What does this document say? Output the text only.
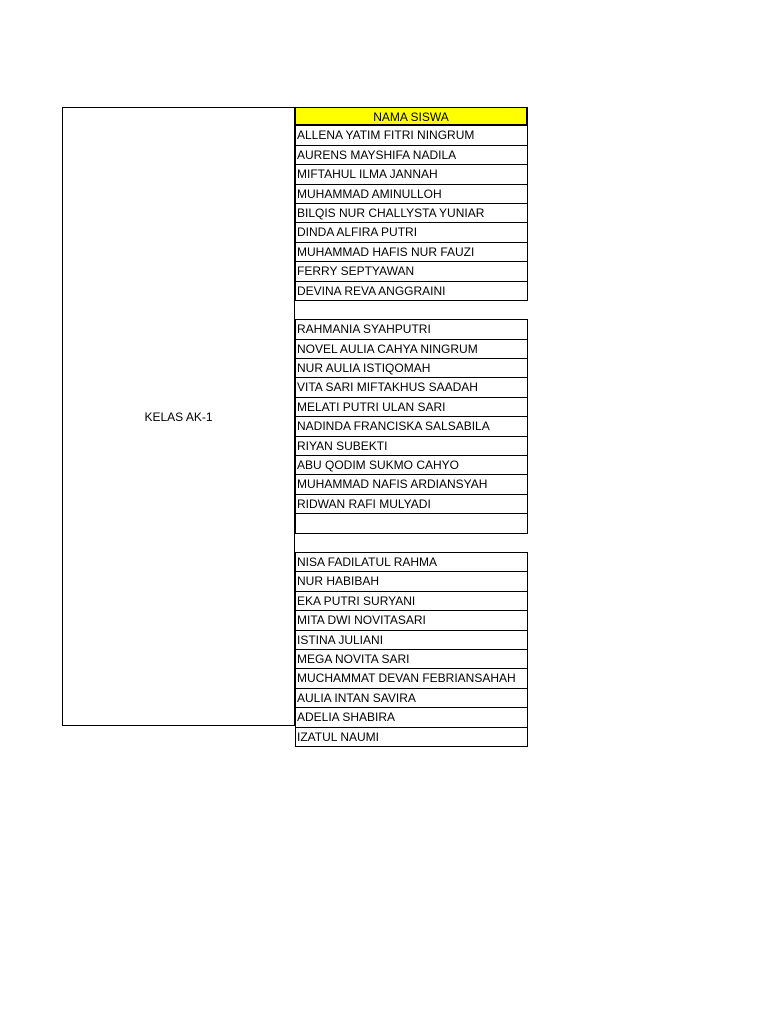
KELAS AK-1
NAMA SISWA
ALLENA YATIM FITRI NINGRUM
AURENS MAYSHIFA NADILA
MIFTAHUL ILMA JANNAH
MUHAMMAD AMINULLOH
BILQIS NUR CHALLYSTA YUNIAR
DINDA ALFIRA PUTRI
MUHAMMAD HAFIS NUR FAUZI
FERRY SEPTYAWAN
DEVINA REVA ANGGRAINI
RAHMANIA SYAHPUTRI
NOVEL AULIA CAHYA NINGRUM
NUR AULIA ISTIQOMAH
VITA SARI MIFTAKHUS SAADAH
MELATI PUTRI ULAN SARI
NADINDA FRANCISKA SALSABILA
RIYAN SUBEKTI
ABU QODIM SUKMO CAHYO
MUHAMMAD NAFIS ARDIANSYAH
RIDWAN RAFI MULYADI
NISA FADILATUL RAHMA
NUR HABIBAH
EKA PUTRI SURYANI
MITA DWI NOVITASARI
ISTINA JULIANI
MEGA NOVITA SARI
MUCHAMMAT DEVAN FEBRIANSAHAH
AULIA INTAN SAVIRA
ADELIA SHABIRA
IZATUL NAUMI
